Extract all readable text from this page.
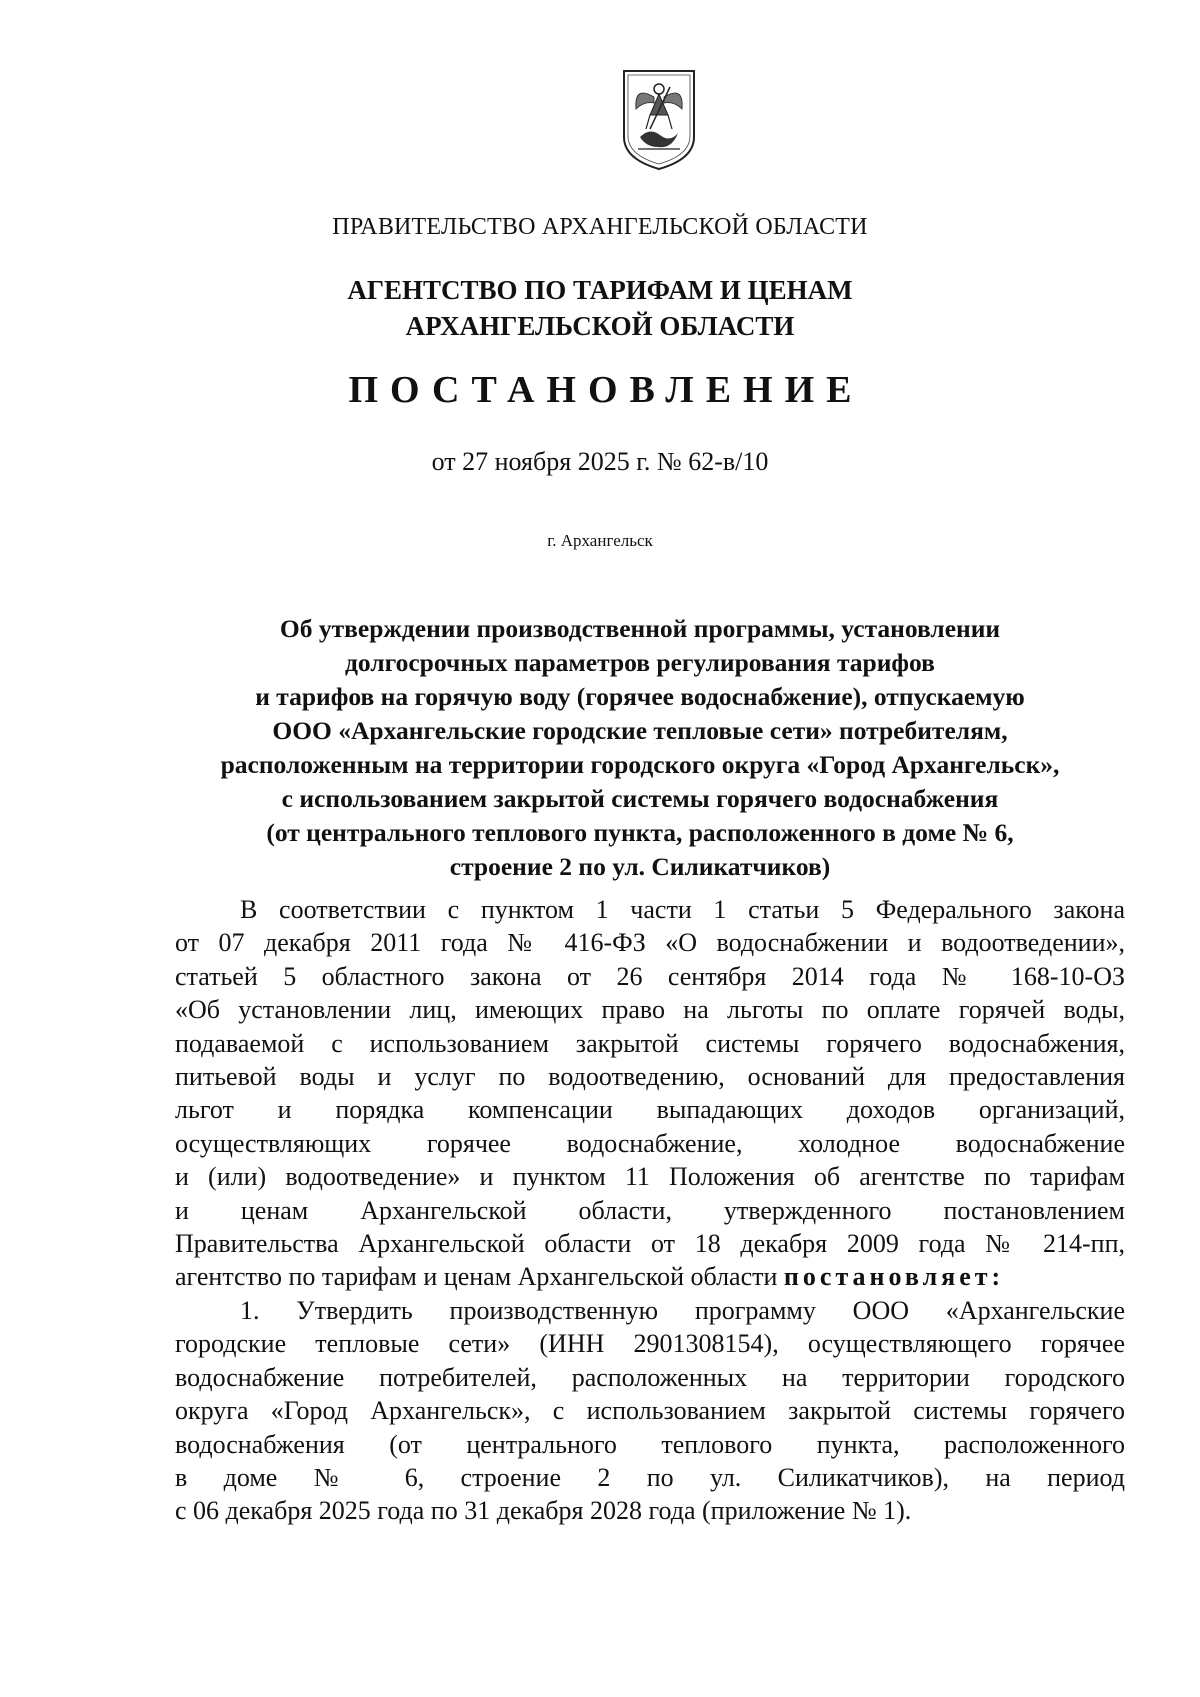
ПРАВИТЕЛЬСТВО АРХАНГЕЛЬСКОЙ ОБЛАСТИ
АГЕНТСТВО ПО ТАРИФАМ И ЦЕНАМ
АРХАНГЕЛЬСКОЙ ОБЛАСТИ
ПОСТАНОВЛЕНИЕ
от 27 ноября 2025 г. № 62-в/10
г. Архангельск
Об утверждении производственной программы, установлении
долгосрочных параметров регулирования тарифов
и тарифов на горячую воду (горячее водоснабжение), отпускаемую
ООО «Архангельские городские тепловые сети» потребителям,
расположенным на территории городского округа «Город Архангельск»,
с использованием закрытой системы горячего водоснабжения
(от центрального теплового пункта, расположенного в доме № 6,
строение 2 по ул. Силикатчиков)
В соответствии с пунктом 1 части 1 статьи 5 Федерального закона
от 07 декабря 2011 года № 416-ФЗ «О водоснабжении и водоотведении»,
статьей 5 областного закона от 26 сентября 2014 года № 168-10-ОЗ
«Об установлении лиц, имеющих право на льготы по оплате горячей воды,
подаваемой с использованием закрытой системы горячего водоснабжения,
питьевой воды и услуг по водоотведению, оснований для предоставления
льгот и порядка компенсации выпадающих доходов организаций,
осуществляющих горячее водоснабжение, холодное водоснабжение
и (или) водоотведение» и пунктом 11 Положения об агентстве по тарифам
и ценам Архангельской области, утвержденного постановлением
Правительства Архангельской области от 18 декабря 2009 года № 214-пп,
агентство по тарифам и ценам Архангельской области постановляет:
1. Утвердить производственную программу ООО «Архангельские
городские тепловые сети» (ИНН 2901308154), осуществляющего горячее
водоснабжение потребителей, расположенных на территории городского
округа «Город Архангельск», с использованием закрытой системы горячего
водоснабжения (от центрального теплового пункта, расположенного
в доме № 6, строение 2 по ул. Силикатчиков), на период
с 06 декабря 2025 года по 31 декабря 2028 года (приложение № 1).
